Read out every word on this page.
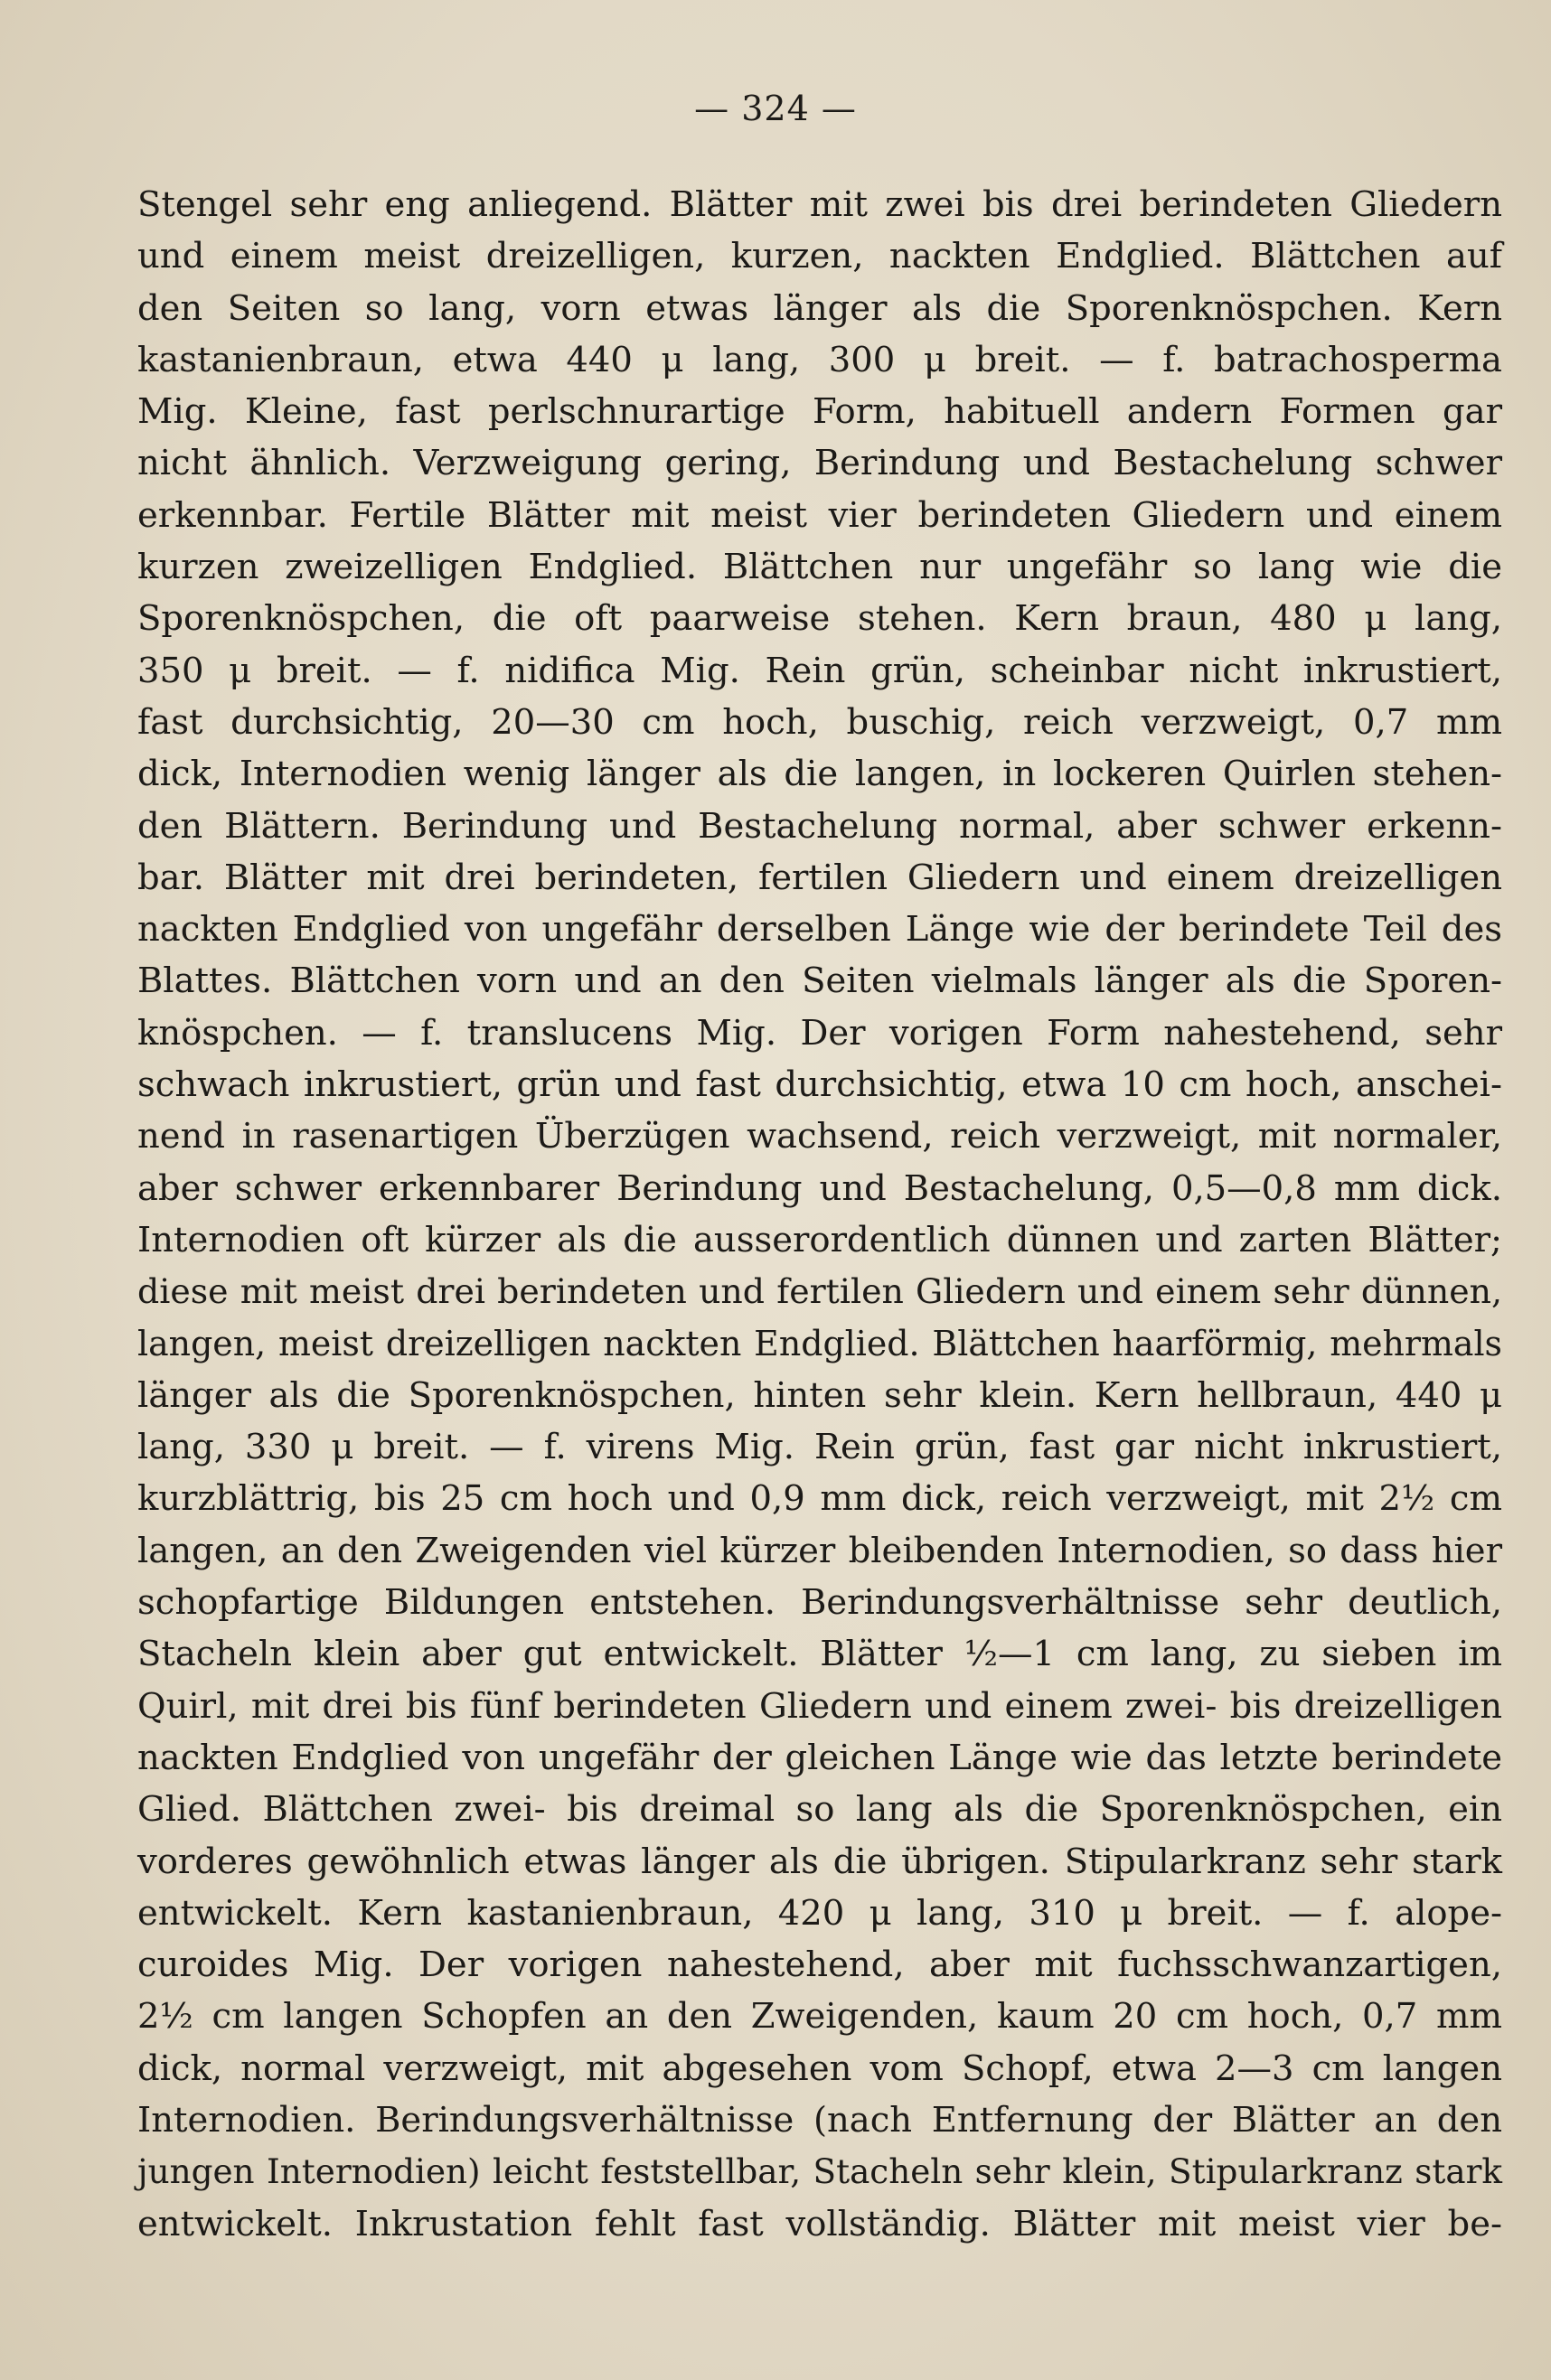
— 324 —
Stengel sehr eng anliegend. Blätter mit zwei bis drei berindeten Gliedern
und einem meist dreizelligen, kurzen, nackten Endglied. Blättchen auf
den Seiten so lang, vorn etwas länger als die Sporenknöspchen. Kern
kastanienbraun, etwa 440 μ lang, 300 μ breit. — f. batrachosperma
Mig. Kleine, fast perlschnurartige Form, habituell andern Formen gar
nicht ähnlich. Verzweigung gering, Berindung und Bestachelung schwer
erkennbar. Fertile Blätter mit meist vier berindeten Gliedern und einem
kurzen zweizelligen Endglied. Blättchen nur ungefähr so lang wie die
Sporenknöspchen, die oft paarweise stehen. Kern braun, 480 μ lang,
350 μ breit. — f. nidifica Mig. Rein grün, scheinbar nicht inkrustiert,
fast durchsichtig, 20—30 cm hoch, buschig, reich verzweigt, 0,7 mm
dick, Internodien wenig länger als die langen, in lockeren Quirlen stehen-
den Blättern. Berindung und Bestachelung normal, aber schwer erkenn-
bar. Blätter mit drei berindeten, fertilen Gliedern und einem dreizelligen
nackten Endglied von ungefähr derselben Länge wie der berindete Teil des
Blattes. Blättchen vorn und an den Seiten vielmals länger als die Sporen-
knöspchen. — f. translucens Mig. Der vorigen Form nahestehend, sehr
schwach inkrustiert, grün und fast durchsichtig, etwa 10 cm hoch, anschei-
nend in rasenartigen Überzügen wachsend, reich verzweigt, mit normaler,
aber schwer erkennbarer Berindung und Bestachelung, 0,5—0,8 mm dick.
Internodien oft kürzer als die ausserordentlich dünnen und zarten Blätter;
diese mit meist drei berindeten und fertilen Gliedern und einem sehr dünnen,
langen, meist dreizelligen nackten Endglied. Blättchen haarförmig, mehrmals
länger als die Sporenknöspchen, hinten sehr klein. Kern hellbraun, 440 μ
lang, 330 μ breit. — f. virens Mig. Rein grün, fast gar nicht inkrustiert,
kurzblättrig, bis 25 cm hoch und 0,9 mm dick, reich verzweigt, mit 2½ cm
langen, an den Zweigenden viel kürzer bleibenden Internodien, so dass hier
schopfartige Bildungen entstehen. Berindungsverhältnisse sehr deutlich,
Stacheln klein aber gut entwickelt. Blätter ½—1 cm lang, zu sieben im
Quirl, mit drei bis fünf berindeten Gliedern und einem zwei- bis dreizelligen
nackten Endglied von ungefähr der gleichen Länge wie das letzte berindete
Glied. Blättchen zwei- bis dreimal so lang als die Sporenknöspchen, ein
vorderes gewöhnlich etwas länger als die übrigen. Stipularkranz sehr stark
entwickelt. Kern kastanienbraun, 420 μ lang, 310 μ breit. — f. alope-
curoides Mig. Der vorigen nahestehend, aber mit fuchsschwanzartigen,
2½ cm langen Schopfen an den Zweigenden, kaum 20 cm hoch, 0,7 mm
dick, normal verzweigt, mit abgesehen vom Schopf, etwa 2—3 cm langen
Internodien. Berindungsverhältnisse (nach Entfernung der Blätter an den
jungen Internodien) leicht feststellbar, Stacheln sehr klein, Stipularkranz stark
entwickelt. Inkrustation fehlt fast vollständig. Blätter mit meist vier be-
